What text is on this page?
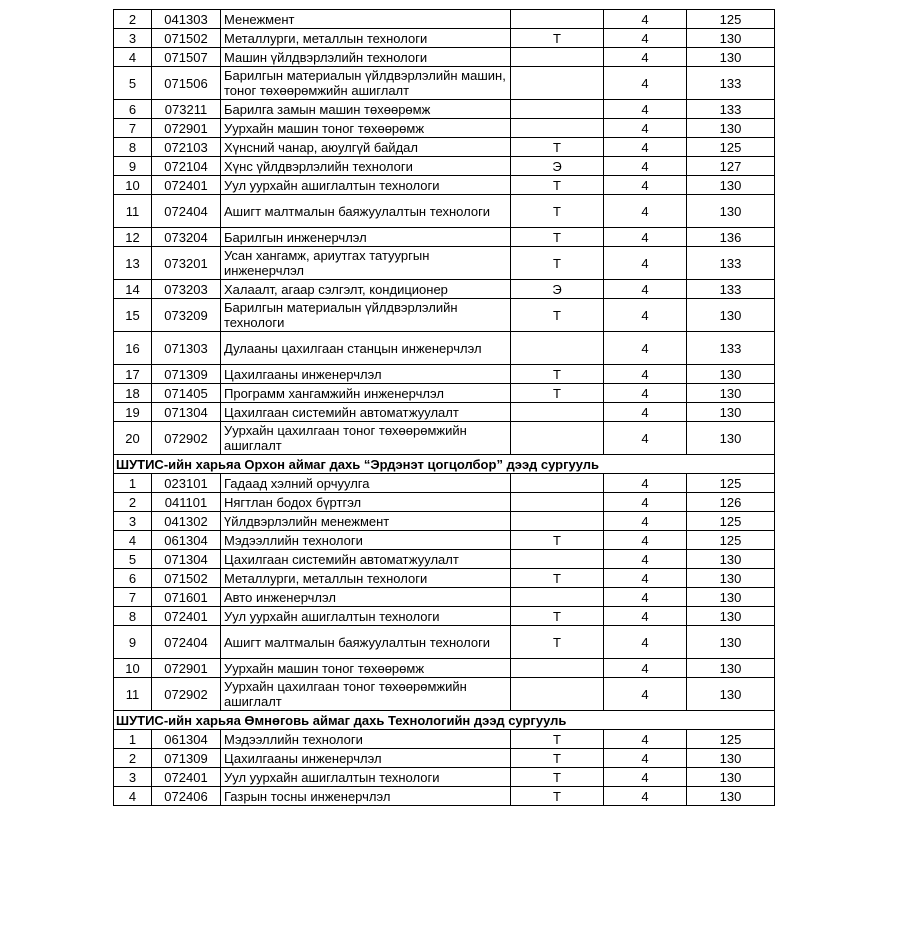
2	041303	Менежмент		4	125
3	071502	Металлурги, металлын технологи	Т	4	130
4	071507	Машин үйлдвэрлэлийн технологи		4	130
5	071506	Барилгын материалын үйлдвэрлэлийн машин, тоног төхөөрөмжийн ашиглалт		4	133
6	073211	Барилга замын машин төхөөрөмж		4	133
7	072901	Уурхайн машин тоног төхөөрөмж		4	130
8	072103	Хүнсний чанар, аюулгүй байдал	Т	4	125
9	072104	Хүнс үйлдвэрлэлийн технологи	Э	4	127
10	072401	Уул уурхайн ашиглалтын технологи	Т	4	130
11	072404	Ашигт малтмалын баяжуулалтын технологи	Т	4	130
12	073204	Барилгын инженерчлэл	Т	4	136
13	073201	Усан хангамж, ариутгах татуургын инженерчлэл	Т	4	133
14	073203	Халаалт, агаар сэлгэлт, кондиционер	Э	4	133
15	073209	Барилгын материалын үйлдвэрлэлийн технологи	Т	4	130
16	071303	Дулааны цахилгаан станцын инженерчлэл		4	133
17	071309	Цахилгааны инженерчлэл	Т	4	130
18	071405	Программ хангамжийн инженерчлэл	Т	4	130
19	071304	Цахилгаан системийн автоматжуулалт		4	130
20	072902	Уурхайн цахилгаан тоног төхөөрөмжийн ашиглалт		4	130
ШУТИС-ийн харьяа Орхон аймаг дахь “Эрдэнэт цогцолбор” дээд сургууль					
1	023101	Гадаад хэлний орчуулга		4	125
2	041101	Нягтлан бодох бүртгэл		4	126
3	041302	Үйлдвэрлэлийн менежмент		4	125
4	061304	Мэдээллийн технологи	Т	4	125
5	071304	Цахилгаан системийн автоматжуулалт		4	130
6	071502	Металлурги, металлын технологи	Т	4	130
7	071601	Авто инженерчлэл		4	130
8	072401	Уул уурхайн ашиглалтын технологи	Т	4	130
9	072404	Ашигт малтмалын баяжуулалтын технологи	Т	4	130
10	072901	Уурхайн машин тоног төхөөрөмж		4	130
11	072902	Уурхайн цахилгаан тоног төхөөрөмжийн ашиглалт		4	130
ШУТИС-ийн харьяа Өмнөговь аймаг дахь Технологийн дээд сургууль					
1	061304	Мэдээллийн технологи	Т	4	125
2	071309	Цахилгааны инженерчлэл	Т	4	130
3	072401	Уул уурхайн ашиглалтын технологи	Т	4	130
4	072406	Газрын тосны инженерчлэл	Т	4	130
